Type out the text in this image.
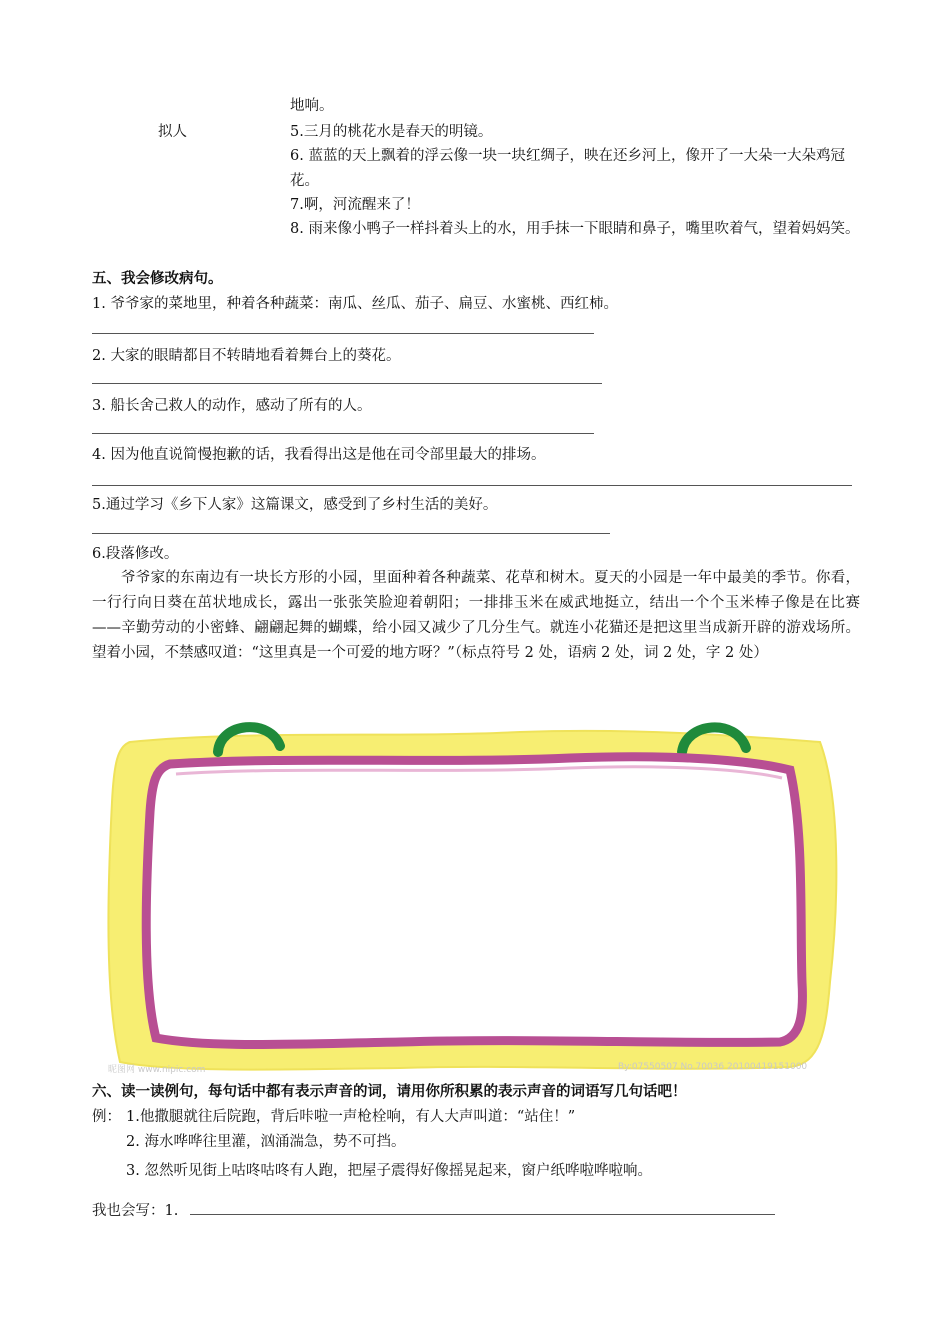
地响。
拟人	5.三月的桃花水是春天的明镜。
6. 蓝蓝的天上飘着的浮云像一块一块红绸子，映在还乡河上，像开了一大朵一大朵鸡冠花。
7.啊，河流醒来了！
8. 雨来像小鸭子一样抖着头上的水，用手抹一下眼睛和鼻子，嘴里吹着气，望着妈妈笑。
五、我会修改病句。
1. 爷爷家的菜地里，种着各种蔬菜：南瓜、丝瓜、茄子、扁豆、水蜜桃、西红柿。
2. 大家的眼睛都目不转睛地看着舞台上的葵花。
3. 船长舍己救人的动作，感动了所有的人。
4. 因为他直说简慢抱歉的话，我看得出这是他在司令部里最大的排场。
5.通过学习《乡下人家》这篇课文，感受到了乡村生活的美好。
6.段落修改。
爷爷家的东南边有一块长方形的小园，里面种着各种蔬菜、花草和树木。夏天的小园是一年中最美的季节。你看，一行行向日葵在茁状地成长，露出一张张笑脸迎着朝阳；一排排玉米在威武地挺立，结出一个个玉米棒子像是在比赛——辛勤劳动的小密蜂、翩翩起舞的蝴蝶，给小园又减少了几分生气。就连小花猫还是把这里当成新开辟的游戏场所。望着小园，不禁感叹道：“这里真是一个可爱的地方呀？”（标点符号 2 处，语病 2 处，词 2 处，字 2 处）
昵图网 www.nipic.com	By:07550507 No.70036 20100419151000
六、读一读例句，每句话中都有表示声音的词，请用你所积累的表示声音的词语写几句话吧！
例： 1.他撒腿就往后院跑，背后咔啦一声枪栓响，有人大声叫道：“站住！”
2. 海水哗哗往里灌，汹涌湍急，势不可挡。
3. 忽然听见街上咕咚咕咚有人跑，把屋子震得好像摇晃起来，窗户纸哗啦哗啦响。
我也会写：1.
